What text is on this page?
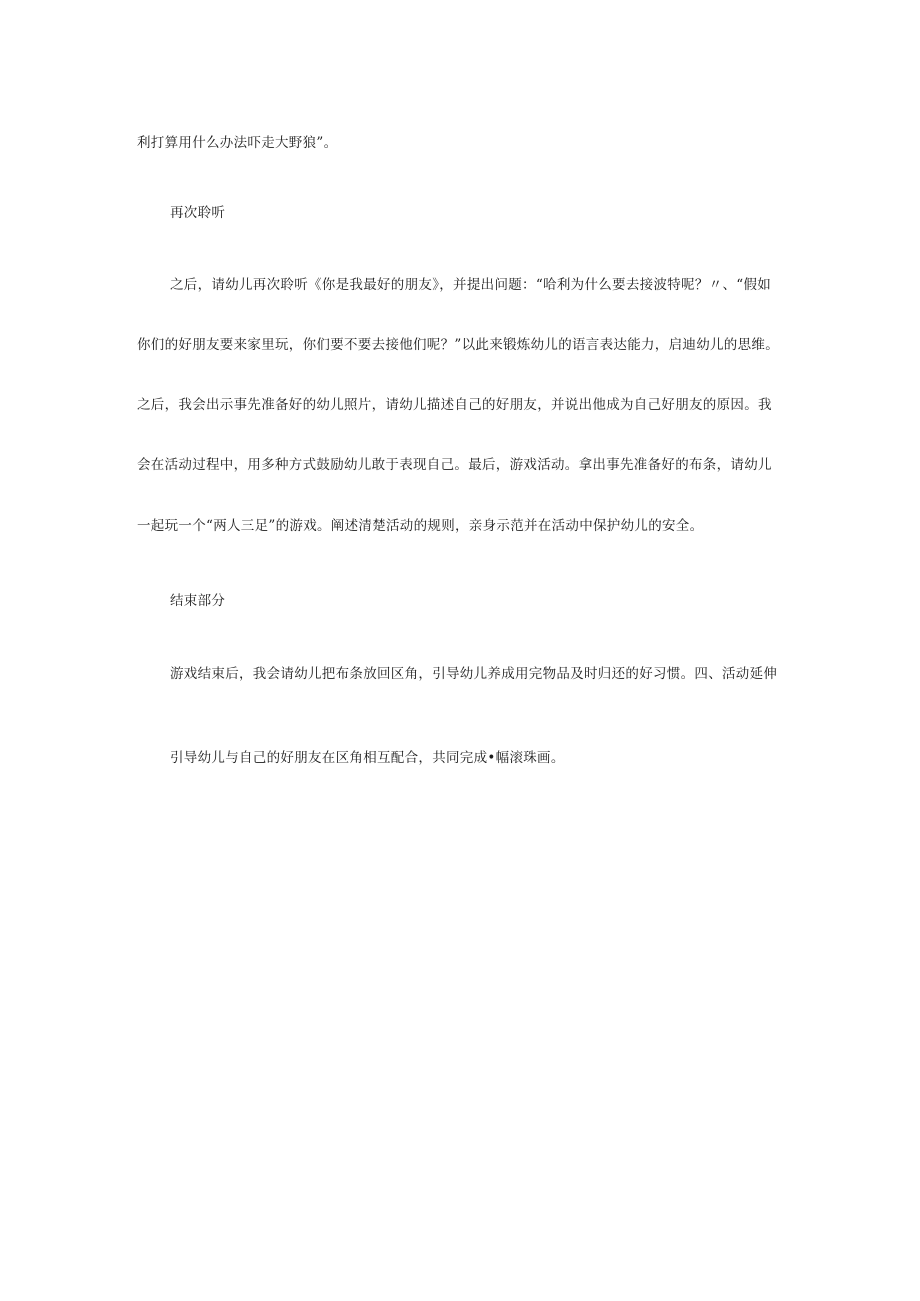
利打算用什么办法吓走大野狼”。
再次聆听
之后，请幼儿再次聆听《你是我最好的朋友》，并提出问题：“哈利为什么要去接波特呢？〃、“假如
你们的好朋友要来家里玩，你们要不要去接他们呢？”以此来锻炼幼儿的语言表达能力，启迪幼儿的思维。
之后，我会出示事先准备好的幼儿照片，请幼儿描述自己的好朋友，并说出他成为自己好朋友的原因。我
会在活动过程中，用多种方式鼓励幼儿敢于表现自己。最后，游戏活动。拿出事先准备好的布条，请幼儿
一起玩一个“两人三足”的游戏。阐述清楚活动的规则，亲身示范并在活动中保护幼儿的安全。
结束部分
游戏结束后，我会请幼儿把布条放回区角，引导幼儿养成用完物品及时归还的好习惯。四、活动延伸
引导幼儿与自己的好朋友在区角相互配合，共同完成•幅滚珠画。
